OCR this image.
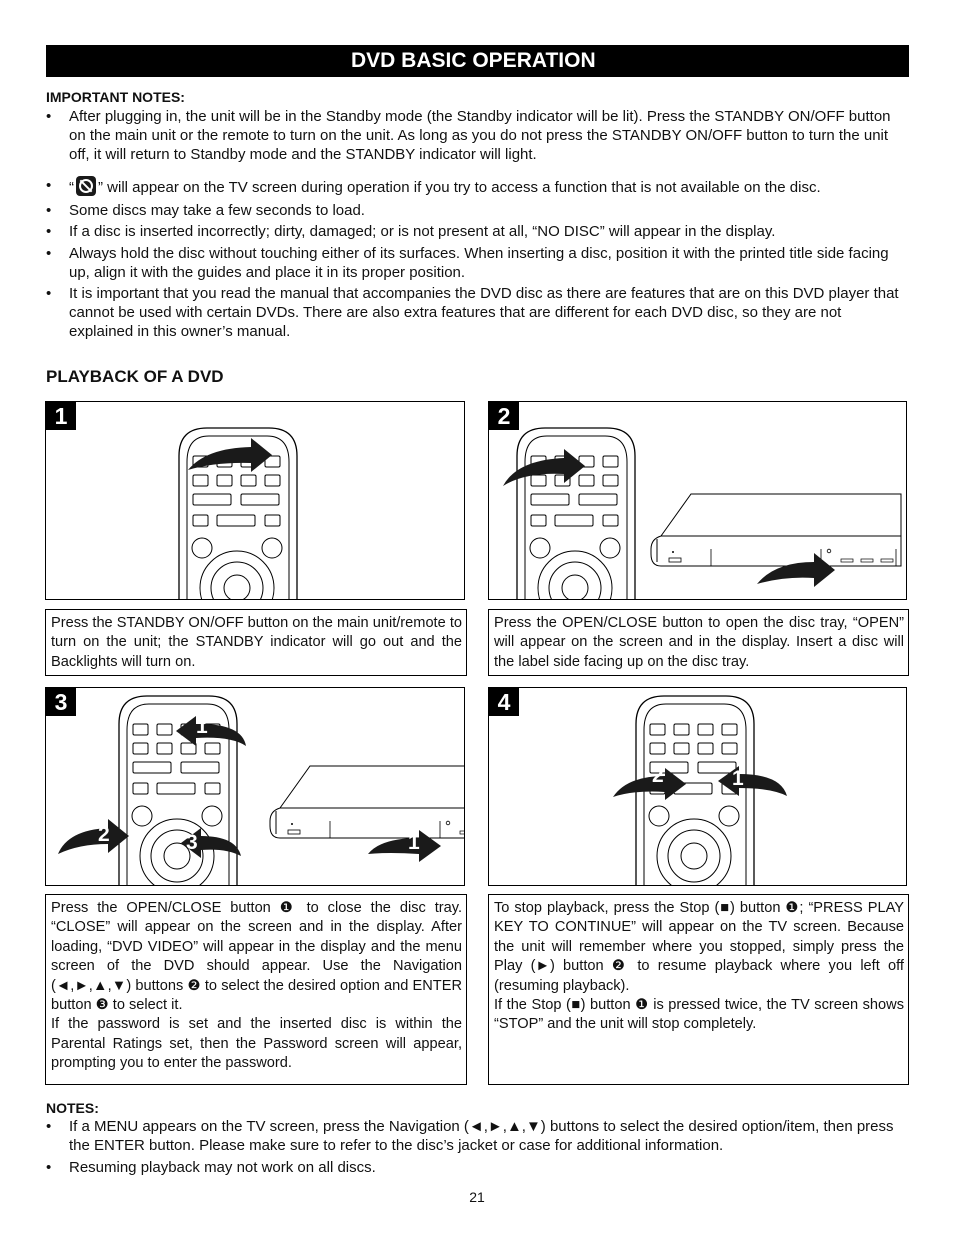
DVD BASIC OPERATION
IMPORTANT NOTES:
• After plugging in, the unit will be in the Standby mode (the Standby indicator will be lit). Press the STANDBY ON/OFF button on the main unit or the remote to turn on the unit. As long as you do not press the STANDBY ON/OFF button to turn the unit off, it will return to Standby mode and the STANDBY indicator will light.
• “ ” will appear on the TV screen during operation if you try to access a function that is not available on the disc.
• Some discs may take a few seconds to load.
• If a disc is inserted incorrectly; dirty, damaged; or is not present at all, “NO DISC” will appear in the display.
• Always hold the disc without touching either of its surfaces. When inserting a disc, position it with the printed title side facing up, align it with the guides and place it in its proper position.
• It is important that you read the manual that accompanies the DVD disc as there are features that are on this DVD player that cannot be used with certain DVDs. There are also extra features that are different for each DVD disc, so they are not explained in this owner’s manual.
PLAYBACK OF A DVD
1

Press the STANDBY ON/OFF button on the main unit/remote to turn on the unit; the STANDBY indicator will go out and the Backlights will turn on.

2

Press the OPEN/CLOSE button to open the disc tray, “OPEN” will appear on the screen and in the display. Insert a disc will the label side facing up on the disc tray.

3
1
2	3	1

Press the OPEN/CLOSE button ❶ to close the disc tray. “CLOSE” will appear on the screen and in the display. After loading, “DVD VIDEO” will appear in the display and the menu screen of the DVD should appear. Use the Navigation (◄,►,▲,▼) buttons ❷ to select the desired option and ENTER button ❸ to select it.

If the password is set and the inserted disc is within the Parental Ratings set, then the Password screen will appear, prompting you to enter the password.

4
2	1

To stop playback, press the Stop (■) button ❶; “PRESS PLAY KEY TO CONTINUE” will appear on the TV screen. Because the unit will remember where you stopped, simply press the Play (►) button ❷ to resume playback where you left off (resuming playback).

If the Stop (■) button ❶ is pressed twice, the TV screen shows “STOP” and the unit will stop completely.

NOTES:
• If a MENU appears on the TV screen, press the Navigation (◄,►,▲,▼) buttons to select the desired option/item, then press the ENTER button. Please make sure to refer to the disc’s jacket or case for additional information.
• Resuming playback may not work on all discs.
21
